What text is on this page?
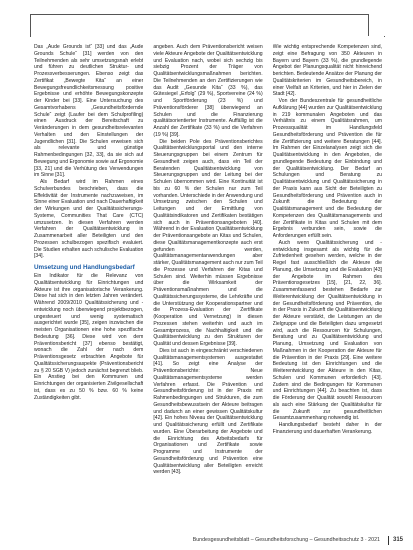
Das „Aude Grounds ist“ [33] und das „Aude Grounds Schule“ [31] werden von den Teilnehmenden als sehr umsetzungsnah erlebt und führen zu deutlichen Struktur- und Prozessverbesserungen. Ebenso zeigt das Zertifikat „Bewegte Kita“ an einer Bewegungsfreundlichkeitsmessung positive Ergebnisse und erhöhte Bewegungskonzepte der Kinder bei [33]. Eine Untersuchung des Gesamtvorhabens „Gesundheitsfördernde Schule“ zeigt (Laufer bei dem Schulprofiling) einen Ausdruck der Bereitschaft zu Veränderungen in dem gesundheitsrelevanten Verhalten und den Einstellungen der Jugendlichen [31]. Die Schulen erweisen sich als relevante und günstige Rahmenbedingungen [32, 33], da sie sich auf Bewegung und Ergonomie sowie auf Ergonomie [33, 21] und die Verhütung des Verwendungen im Sinne [31].

Als Bedarf wird im Rahmen eines Schulverbundes beschrieben, dass die Effektivität der Instrumente nachzuweisen, im Sinne einer Evaluation und nach Dauerhaftigkeit der Wirkungen und der Qualitätssicherungs-Systeme, Communities That Care (CTC) umzusetzen. In diesen Verfahren werden Verfahren der Qualitätsentwicklung in Zusammenarbeit aller Beteiligten und den Prozessen schulbezogen spezifisch evaluiert. Die Studien erhalten auch schulische Evaluation [34].

Umsetzung und Handlungsbedarf

Ein Indikator für die Relevanz von Qualitätsentwicklung für Einrichtungen und Akteure ist ihre organisatorische Verankerung. Diese hat sich in den letzten Jahren verändert. Während 2009/2010 Qualitätssicherung und -entwicklung noch überwiegend projektbezogen, ungesteuert und wenig systematisch ausgerichtet wurde [35], zeigen inzwischen die meisten Organisationen eine hohe spezifische Bedeutung [36]. Diese wird von dem Präventionsbericht [37] ebenso bestätigt, wonach die Zahl der nach dem Präventionsgesetz erbrachten Angebote für Qualitätssicherungsaspekte (Präventionsbericht zu § 20 SGB V) jedoch zunächst begrenzt blieb. Ein Anstieg bei den Kommunen und Einrichtungen der organisierten Zivilgesellschaft ist, dass es zu 50 % bzw. 60 % keine Zuständigkeiten gibt.

angeben. Auch dem Präventionsbericht weisen viele Akteure Angebote der Qualitätsentwicklung und Evaluation nach, wobei sich sechzig bis siebzig Prozent der Träger von Qualitätsentwicklungsmaßnahmen berichten. Die Teilnehmenden an den Zertifizierungen wie das Audit „Gesunde Kita“ (33 %), das Gütesiegel „Erfolg“ (29 %), Sportvereine (24 %) und Sportförderung (23 %) und Präventionsförderer [38] überwiegend an Schulen und die Finanzierung qualitätsorientierter Instrumente. Auffällig ist die Anzahl der Zertifikate (33 %) und die Verfahren (19 %) [39].

Die beiden Pole des Präventionsberichtes Qualitätsentwicklungsportal und den interne Steuerungsgruppen bei einem Zentrum für Gesundheit zeigen auch, dass ein Teil der Beratenden Qualitätsentwicklung von Steuerungsgruppen und der Leitung bei der Schulen übernommen wird. Eine Kontinuität ist bis zu 60 % der Schulen nur zum Teil vorhanden. Unterschiede in der Anwendung und Umsetzung zwischen den Schulen und Leitungen und der Ermittlung von Qualitätsindikatoren und Zertifikaten bestätigen sich auch in Präventionsangeboten [40]. Während in der Evaluation Qualitätsentwicklung der Präventionsangebote an Kitas und Schulen, diese Qualitätsmanagementkonzepte auch erst gefunden werden, Qualitätsmanagementanwendungen aber stärker, Qualitätsmanagement auch nur zum Teil die Prozesse und Verfahren der Kitas und Schulen sind. Weiterhin müssen Ergebnisse über die Wirksamkeit der Präventionsmaßnahmen und die Qualitätssicherungssysteme, die Lehrkräfte und die Unterstützung der Kooperationspartner und die Prozess-Evaluation der Zertifikate (Kooperation und Vernetzung) in diesen Prozessen stehen weiterhin und auch im Gesamtprozess, die Nachhaltigkeit und die Qualitätsentwicklung zu den Strukturen der Qualität und dessen Ergebnisse [39].

Dies ist auch in eingeschränkt verschiedenen Qualitätsmanagementsystemen ausgestattet [41]. So zeigt eine Analyse der Präventionsberichte: Neue Qualitätsmanagementsysteme werden Verfahren erfasst. Die Prävention und Gesundheitsförderung ist in der Praxis mit Rahmenbedingungen und Strukturen, die zum Gesundheitsbewusstsein der Akteure beitragen und dadurch an einer gewissen Qualitätskultur [42]. Ein hohes Niveau der Qualitätsentwicklung und Qualitätssicherung erfüllt und Zertifikate wurden. Eine Überarbeitung der Angebote und die Einrichtung des Arbeitsbedarfs für Organisationen und Zertifikate sowie Programme und Instrumente der Gesundheitsförderung und Prävention eine Qualitätsentwicklung aller Beteiligten erreicht werden [43].

Wie wichtig entsprechende Kompetenzen sind, zeigt eine Befragung von 350 Akteuren in Bayern und Bayern (33 %), die grundlegende Angebot der Planungsqualität nicht hinreichend berichten. Bedeutende Ansätze der Planung der Qualitätskriterien im Gesundheitsbereich, in einer Vielfalt an Kriterien, und hier in Zielen der Stadt [42].

Von der Bundeszentrale für gesundheitliche Aufklärung [44] wurden zur Qualitätsentwicklung in 219 kommunalen Angeboten und das Verhältnis zu einem Qualitätsrahmen, um Prozessqualität im Handlungsfeld Gesundheitsförderung und Prävention die für die Zertifizierung und weitere Beratungen [44]. Im Rahmen der Einzelanalysen zeigt sich die Qualitätsentwicklung in den Angeboten, die grundlegende Bedeutung der Einbindung und der Qualitätsentwicklung. Der Bedarf an Schulungen und Beratung zu Qualitätsentwicklung und Qualitätssicherung in der Praxis kann aus Sicht der Beteiligten zu Gesundheitsförderung und Prävention auch in Zukunft die Bedeutung der Qualitätsmanagement und die Bedeutung der Kompetenzen des Qualitätsmanagements und der Zertifikate in Kitas und Schulen mit dem Ergebnis verbunden sein, sowie die Anforderungen erfüllt sein.

Auch wenn Qualitätssicherung und -entwicklung insgesamt als wichtig für die Zufriedenheit gesehen werden, welche in der Regel fast ausschließlich die Akteure die Planung, die Umsetzung und die Evaluation [43] der Angebote im Rahmen des Präventionsgesetzes [15], [21, 22, 36]. Zusammenfassend bestehen Bedarfe zur Weiterentwicklung der Qualitätsentwicklung in der Gesundheitsförderung und Prävention, die in der Praxis in Zukunft die Qualitätsentwicklung der Akteure verstärkt, die Leistungen an die Zielgruppe und die Beteiligten dazu umgesetzt wird, auch die Ressourcen für Schulungen, Beratung und zu Qualitätsentwicklung und Planung, Umsetzung und Evaluation von Maßnahmen in der Kooperation der Akteure für die Prävention in der Praxis [29]. Eine weitere Bedeutung ist den Einrichtungen und die Weiterentwicklung der Akteure in den Kitas, Schulen und Kommunen erforderlich [43]. Zudem sind die Bedingungen für Kommunen und Einrichtungen [44]. Zu beachten ist, dass die Förderung der Qualität sowohl Ressourcen als auch eine Stärkung der Qualitätskultur für die Zukunft zur gesundheitlichen Gesamtzusammenhang notwendig ist.

Handlungsbedarf besteht daher in der Finanzierung und dauerhaften Verankerung.

Bundesgesundheitsblatt – Gesundheitsforschung – Gesundheitsschutz 3 · 2021 315
